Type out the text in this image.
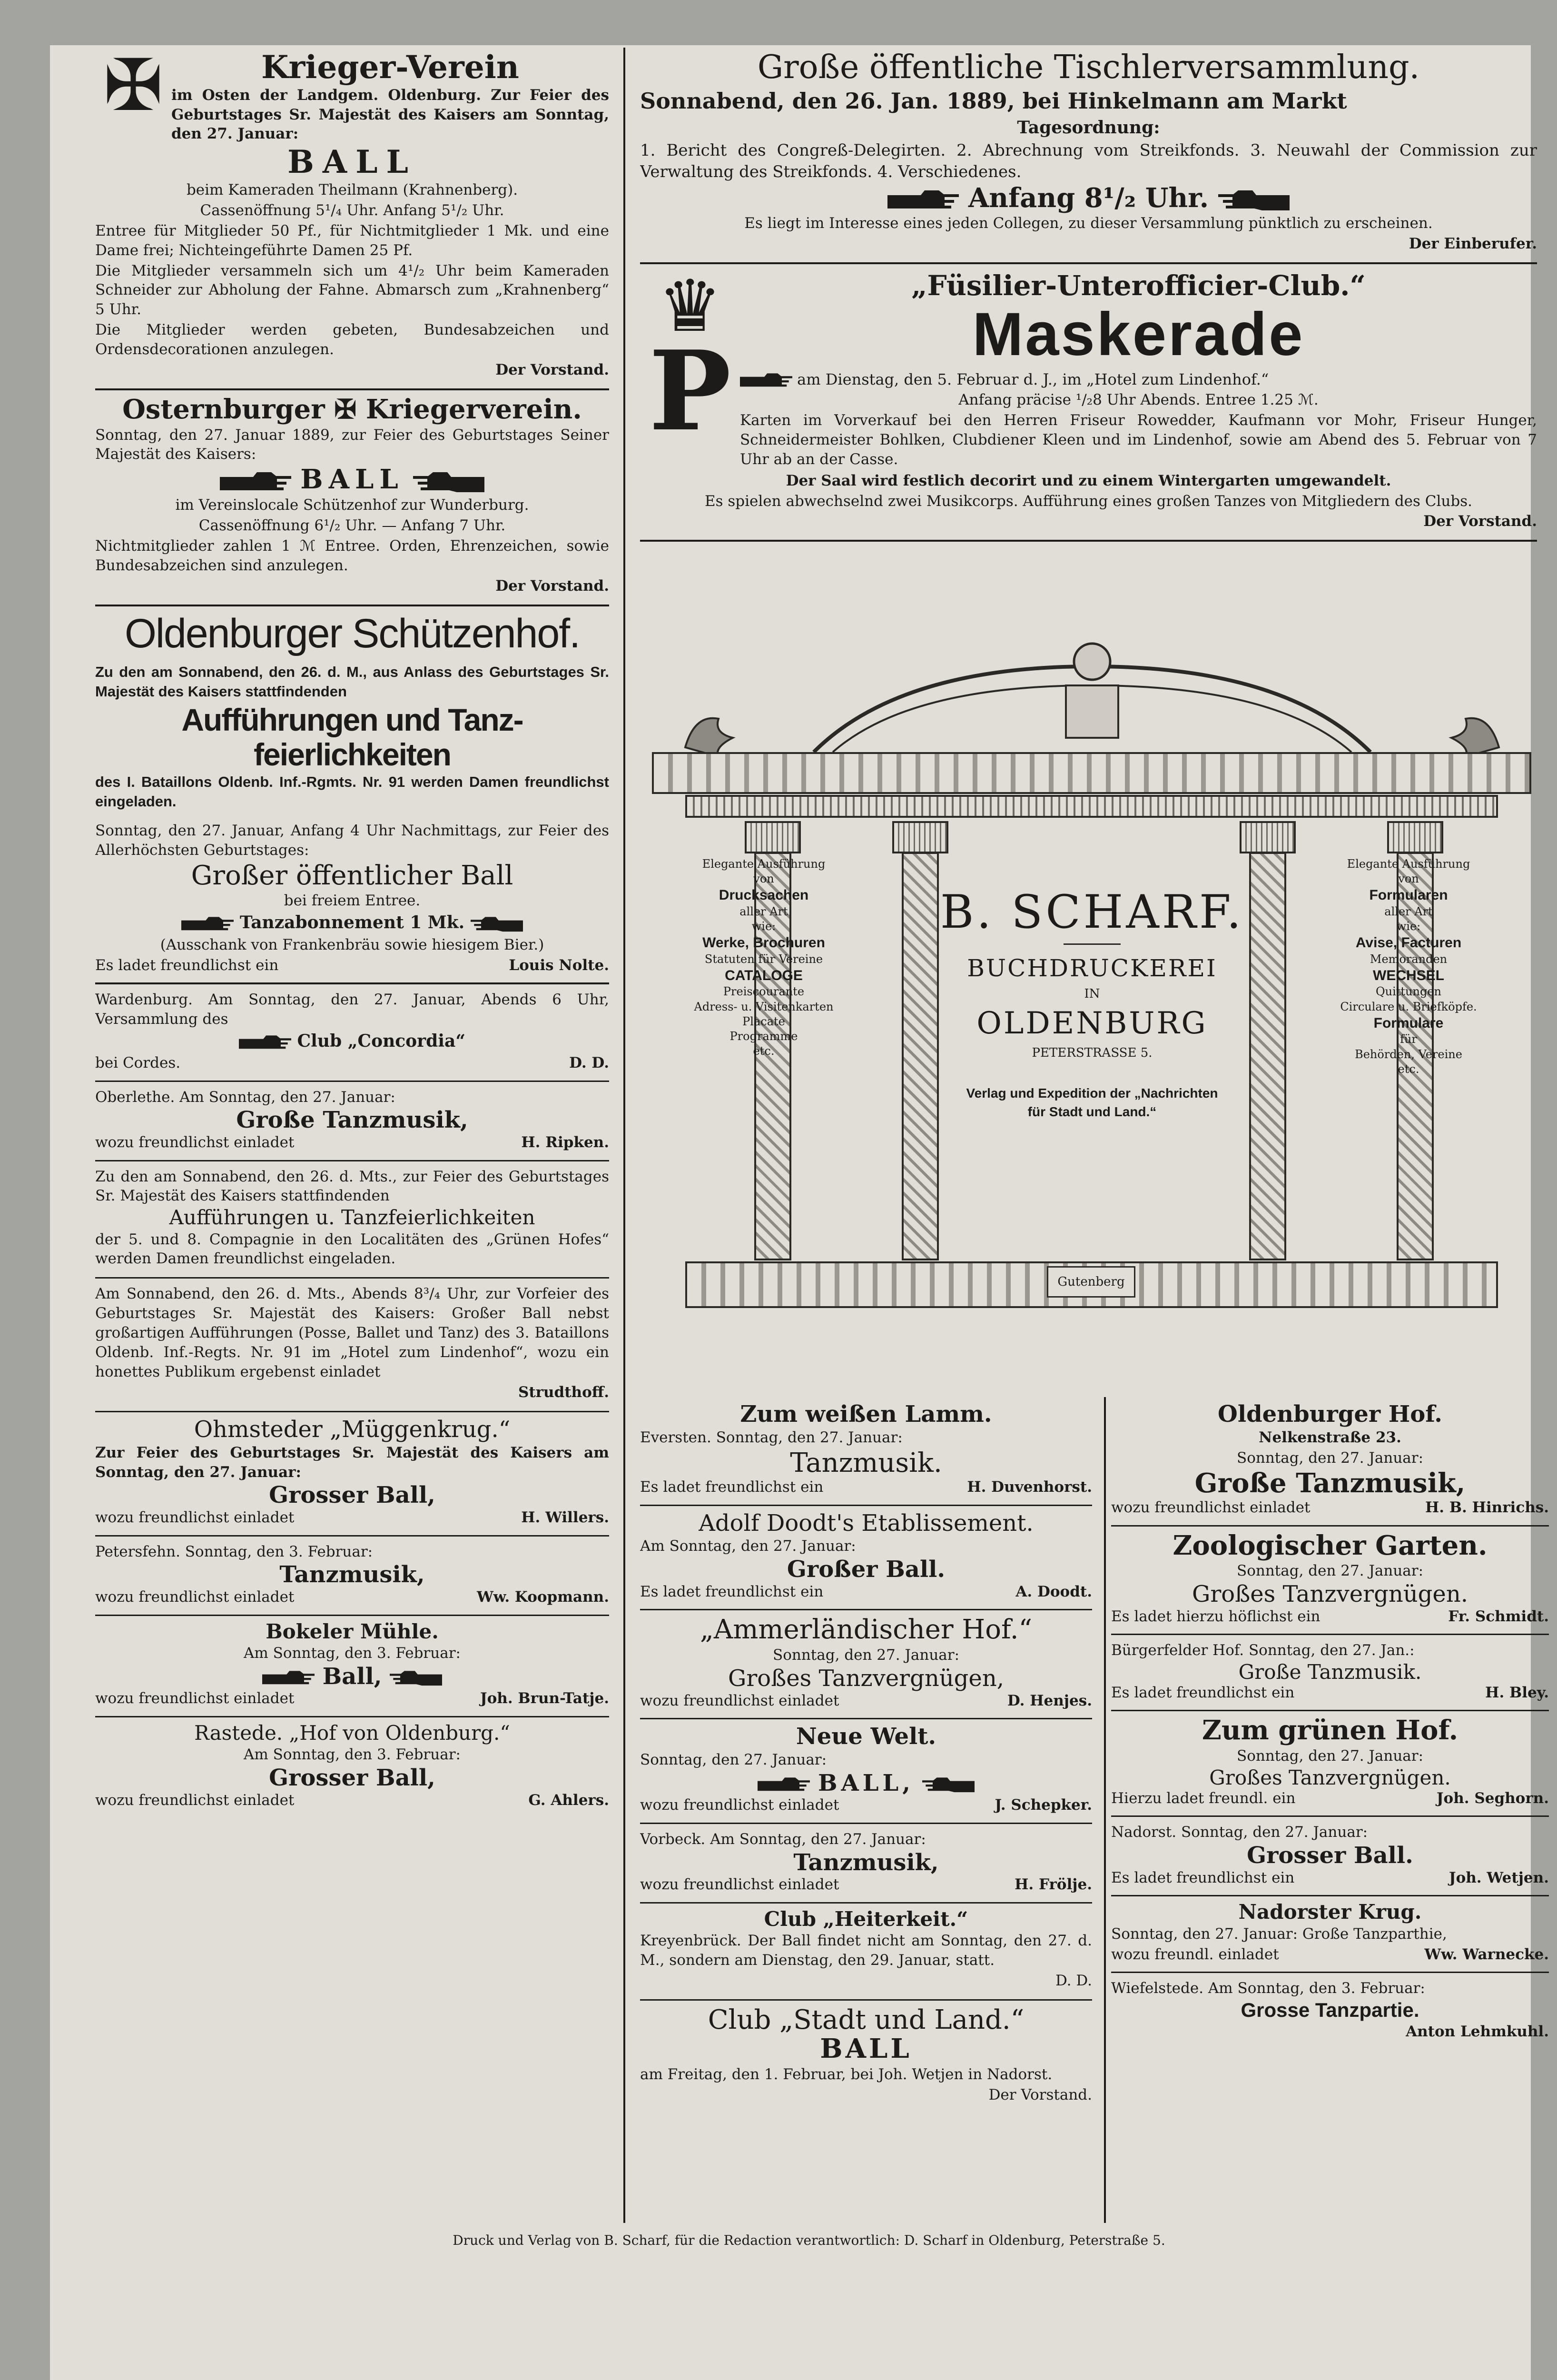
✠	Krieger-Verein

im Osten der Landgem. Oldenburg. Zur Feier des Geburtstages Sr. Majestät des Kaisers am Sonntag, den 27. Januar:

BALL

beim Kameraden Theilmann (Krahnenberg).

Cassenöffnung 5¹/₄ Uhr. Anfang 5¹/₂ Uhr.

Entree für Mitglieder 50 Pf., für Nichtmitglieder 1 Mk. und eine Dame frei; Nichteingeführte Damen 25 Pf.

Die Mitglieder versammeln sich um 4¹/₂ Uhr beim Kameraden Schneider zur Abholung der Fahne. Abmarsch zum „Krahnenberg“ 5 Uhr.

Die Mitglieder werden gebeten, Bundesabzeichen und Ordensdecorationen anzulegen.

Der Vorstand.

Osternburger ✠ Kriegerverein.

Sonntag, den 27. Januar 1889, zur Feier des Geburtstages Seiner Majestät des Kaisers:

BALL

im Vereinslocale Schützenhof zur Wunderburg.

Cassenöffnung 6¹/₂ Uhr. — Anfang 7 Uhr.

Nichtmitglieder zahlen 1 ℳ Entree. Orden, Ehrenzeichen, sowie Bundesabzeichen sind anzulegen.

Der Vorstand.

Oldenburger Schützenhof.

Zu den am Sonnabend, den 26. d. M., aus Anlass des Geburtstages Sr. Majestät des Kaisers stattfindenden

Aufführungen und Tanz-

feierlichkeiten

des I. Bataillons Oldenb. Inf.-Rgmts. Nr. 91 werden Damen freundlichst eingeladen.

Sonntag, den 27. Januar, Anfang 4 Uhr Nachmittags, zur Feier des Allerhöchsten Geburtstages:

Großer öffentlicher Ball

bei freiem Entree.

Tanzabonnement 1 Mk.

(Ausschank von Frankenbräu sowie hiesigem Bier.)

Es ladet freundlichst ein	Louis Nolte.

Wardenburg. Am Sonntag, den 27. Januar, Abends 6 Uhr, Versammlung des

Club „Concordia“

bei Cordes.	D. D.

Oberlethe. Am Sonntag, den 27. Januar:

Große Tanzmusik,

wozu freundlichst einladet	H. Ripken.

Zu den am Sonnabend, den 26. d. Mts., zur Feier des Geburtstages Sr. Majestät des Kaisers stattfindenden

Aufführungen u. Tanzfeierlichkeiten

der 5. und 8. Compagnie in den Localitäten des „Grünen Hofes“ werden Damen freundlichst eingeladen.

Am Sonnabend, den 26. d. Mts., Abends 8³/₄ Uhr, zur Vorfeier des Geburtstages Sr. Majestät des Kaisers: Großer Ball nebst großartigen Aufführungen (Posse, Ballet und Tanz) des 3. Bataillons Oldenb. Inf.-Regts. Nr. 91 im „Hotel zum Lindenhof“, wozu ein honettes Publikum ergebenst einladet

Strudthoff.

Ohmsteder „Müggenkrug.“

Zur Feier des Geburtstages Sr. Majestät des Kaisers am Sonntag, den 27. Januar:

Grosser Ball,

wozu freundlichst einladet	H. Willers.

Petersfehn. Sonntag, den 3. Februar:

Tanzmusik,

wozu freundlichst einladet	Ww. Koopmann.

Bokeler Mühle.

Am Sonntag, den 3. Februar:

Ball,

wozu freundlichst einladet	Joh. Brun-Tatje.

Rastede. „Hof von Oldenburg.“

Am Sonntag, den 3. Februar:

Grosser Ball,

wozu freundlichst einladet	G. Ahlers.

Große öffentliche Tischlerversammlung.

Sonnabend, den 26. Jan. 1889, bei Hinkelmann am Markt

Tagesordnung:

1. Bericht des Congreß-Delegirten. 2. Abrechnung vom Streikfonds. 3. Neuwahl der Commission zur Verwaltung des Streikfonds. 4. Verschiedenes.

Anfang 8¹/₂ Uhr.

Es liegt im Interesse eines jeden Collegen, zu dieser Versammlung pünktlich zu erscheinen.

Der Einberufer.

♛
P

„Füsilier-Unterofficier-Club.“

Maskerade

am Dienstag, den 5. Februar d. J., im „Hotel zum Lindenhof.“

Anfang präcise ¹/₂8 Uhr Abends. Entree 1.25 ℳ.

Karten im Vorverkauf bei den Herren Friseur Rowedder, Kaufmann vor Mohr, Friseur Hunger, Schneidermeister Bohlken, Clubdiener Kleen und im Lindenhof, sowie am Abend des 5. Februar von 7 Uhr ab an der Casse.

Der Saal wird festlich decorirt und zu einem Wintergarten umgewandelt.

Es spielen abwechselnd zwei Musikcorps. Aufführung eines großen Tanzes von Mitgliedern des Clubs.

Der Vorstand.

Gutenberg
Elegante Ausführung
von
Drucksachen
aller Art
wie:
Werke, Brochuren
Statuten für Vereine
CATALOGE
Preiscourante
Adress- u. Visitenkarten
Placate
Programme
etc.

B. SCHARF.

BUCHDRUCKEREI

IN

OLDENBURG

PETERSTRASSE 5.

Verlag und Expedition der „Nachrichten für Stadt und Land.“

Elegante Ausführung
von
Formularen
aller Art
wie:
Avise, Facturen
Memoranden
WECHSEL
Quittungen
Circulare u. Briefköpfe.
Formulare
für
Behörden, Vereine
etc.

Zum weißen Lamm.

Eversten. Sonntag, den 27. Januar:

Tanzmusik.

Es ladet freundlichst ein	H. Duvenhorst.

Adolf Doodt's Etablissement.

Am Sonntag, den 27. Januar:

Großer Ball.

Es ladet freundlichst ein	A. Doodt.

„Ammerländischer Hof.“

Sonntag, den 27. Januar:

Großes Tanzvergnügen,

wozu freundlichst einladet	D. Henjes.

Neue Welt.

Sonntag, den 27. Januar:

BALL,

wozu freundlichst einladet	J. Schepker.

Vorbeck. Am Sonntag, den 27. Januar:

Tanzmusik,

wozu freundlichst einladet	H. Frölje.

Club „Heiterkeit.“

Kreyenbrück. Der Ball findet nicht am Sonntag, den 27. d. M., sondern am Dienstag, den 29. Januar, statt.

D. D.

Club „Stadt und Land.“

BALL

am Freitag, den 1. Februar, bei Joh. Wetjen in Nadorst.

Der Vorstand.

Oldenburger Hof.

Nelkenstraße 23.

Sonntag, den 27. Januar:

Große Tanzmusik,

wozu freundlichst einladet	H. B. Hinrichs.

Zoologischer Garten.

Sonntag, den 27. Januar:

Großes Tanzvergnügen.

Es ladet hierzu höflichst ein	Fr. Schmidt.

Bürgerfelder Hof. Sonntag, den 27. Jan.:

Große Tanzmusik.

Es ladet freundlichst ein	H. Bley.

Zum grünen Hof.

Sonntag, den 27. Januar:

Großes Tanzvergnügen.

Hierzu ladet freundl. ein	Joh. Seghorn.

Nadorst. Sonntag, den 27. Januar:

Grosser Ball.

Es ladet freundlichst ein	Joh. Wetjen.

Nadorster Krug.

Sonntag, den 27. Januar: Große Tanzparthie,

wozu freundl. einladet	Ww. Warnecke.

Wiefelstede. Am Sonntag, den 3. Februar:

Grosse Tanzpartie.

Anton Lehmkuhl.

Druck und Verlag von B. Scharf, für die Redaction verantwortlich: D. Scharf in Oldenburg, Peterstraße 5.
